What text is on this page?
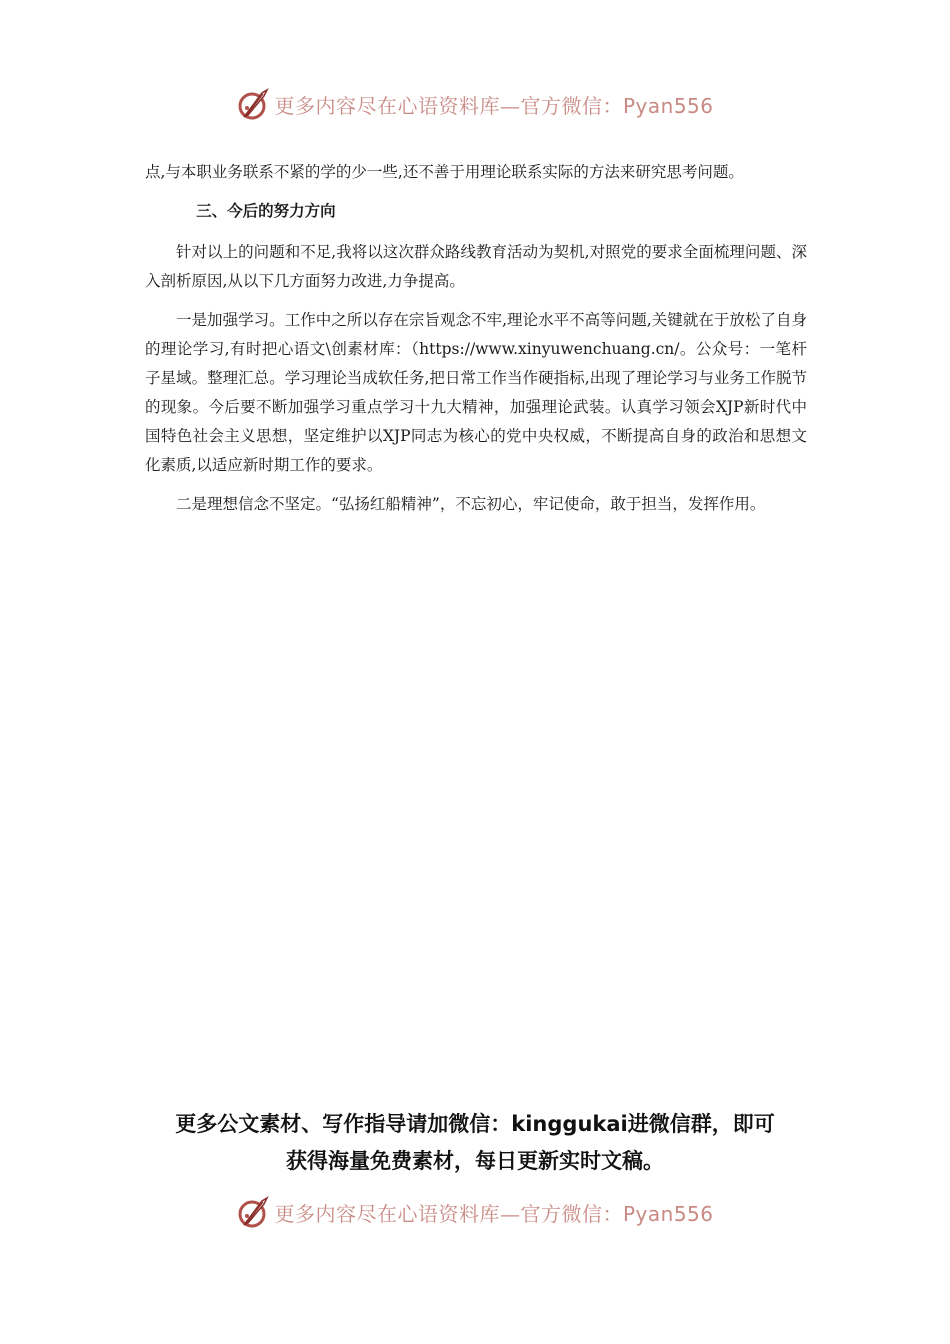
更多内容尽在心语资料库—官方微信：Pyan556

点,与本职业务联系不紧的学的少一些,还不善于用理论联系实际的方法来研究思考问题。

三、今后的努力方向

针对以上的问题和不足,我将以这次群众路线教育活动为契机,对照党的要求全面梳理问题、深入剖析原因,从以下几方面努力改进,力争提高。

一是加强学习。工作中之所以存在宗旨观念不牢,理论水平不高等问题,关键就在于放松了自身的理论学习,有时把心语文\创素材库：（https://www.xinyuwenchuang.cn/。公众号：一笔杆子星域。整理汇总。学习理论当成软任务,把日常工作当作硬指标,出现了理论学习与业务工作脱节的现象。今后要不断加强学习重点学习十九大精神，加强理论武装。认真学习领会XJP新时代中国特色社会主义思想，坚定维护以XJP同志为核心的党中央权威，不断提高自身的政治和思想文化素质,以适应新时期工作的要求。

二是理想信念不坚定。“弘扬红船精神”，不忘初心，牢记使命，敢于担当，发挥作用。

更多公文素材、写作指导请加微信：kinggukai进微信群，即可
获得海量免费素材，每日更新实时文稿。
更多内容尽在心语资料库—官方微信：Pyan556
